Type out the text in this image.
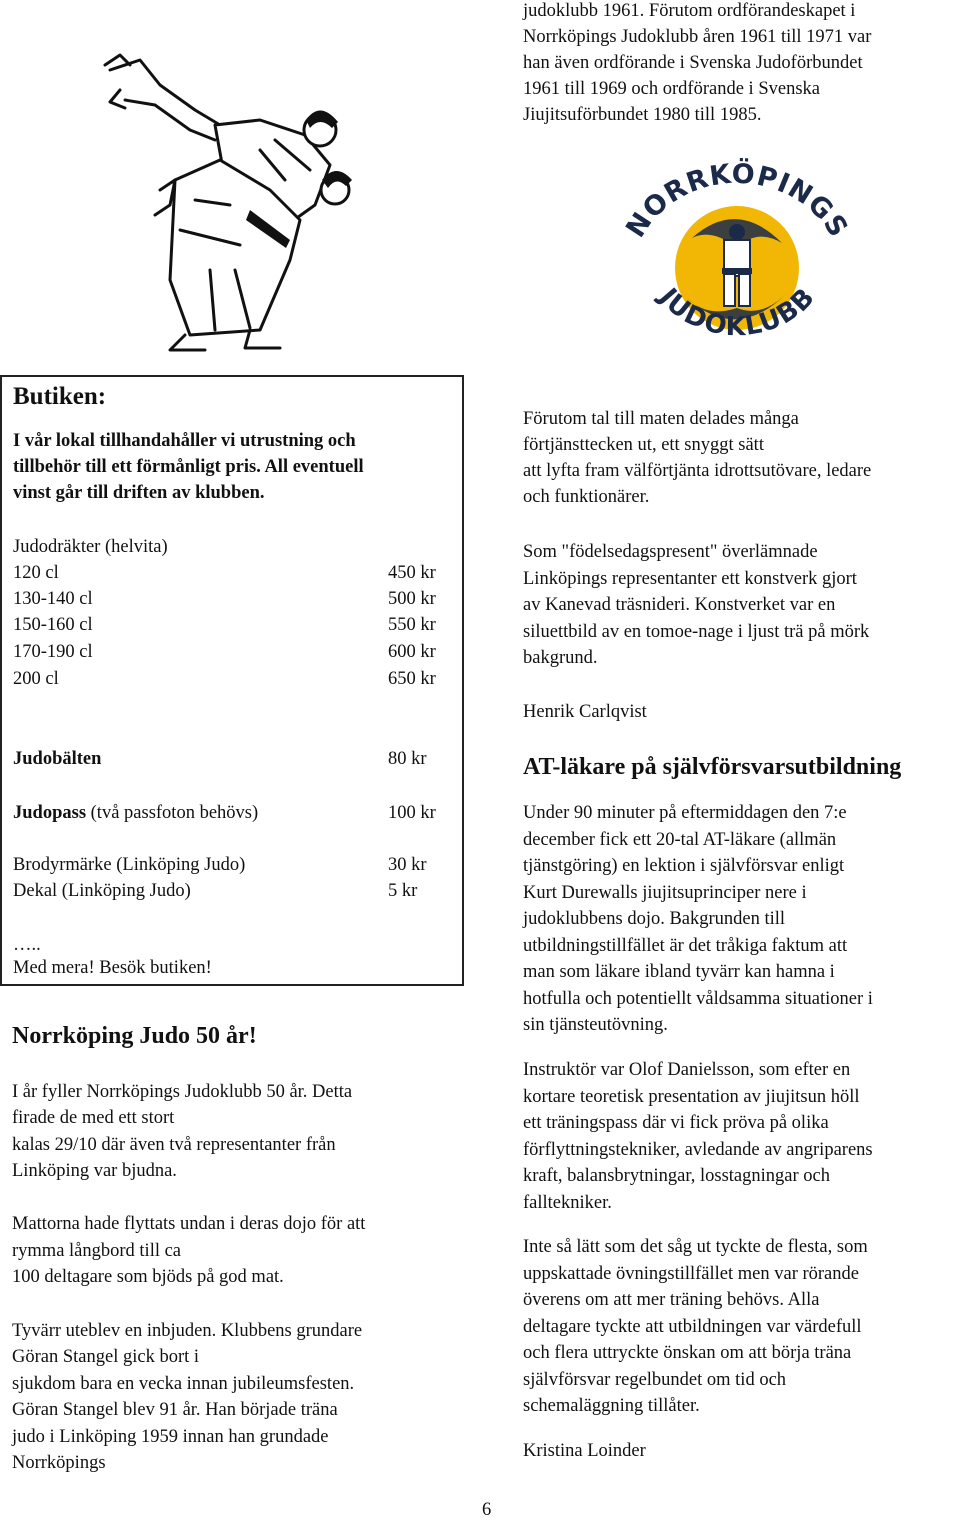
judoklubb 1961. Förutom ordförandeskapet i
Norrköpings Judoklubb åren 1961 till 1971 var
han även ordförande i Svenska Judoförbundet
1961 till 1969 och ordförande i Svenska
Jiujitsuförbundet 1980 till 1985.
NORRKÖPINGS
JUDOKLUBB
Butiken:
I vår lokal tillhandahåller vi utrustning och
tillbehör till ett förmånligt pris. All eventuell
vinst går till driften av klubben.
Judodräkter (helvita)
120 cl	450 kr
130-140 cl	500 kr
150-160 cl	550 kr
170-190 cl	600 kr
200 cl	650 kr
Judobälten	80 kr
Judopass (två passfoton behövs)	100 kr
Brodyrmärke (Linköping Judo)	30 kr
Dekal (Linköping Judo)	5 kr
…..
Med mera! Besök butiken!
Norrköping Judo 50 år!
I år fyller Norrköpings Judoklubb 50 år. Detta
firade de med ett stort
kalas 29/10 där även två representanter från
Linköping var bjudna.
Mattorna hade flyttats undan i deras dojo för att
rymma långbord till ca
100 deltagare som bjöds på god mat.
Tyvärr uteblev en inbjuden. Klubbens grundare
Göran Stangel gick bort i
sjukdom bara en vecka innan jubileumsfesten.
Göran Stangel blev 91 år. Han började träna
judo i Linköping 1959 innan han grundade
Norrköpings
Förutom tal till maten delades många
förtjänsttecken ut, ett snyggt sätt
att lyfta fram välförtjänta idrottsutövare, ledare
och funktionärer.
Som "födelsedagspresent" överlämnade
Linköpings representanter ett konstverk gjort
av Kanevad träsnideri. Konstverket var en
siluettbild av en tomoe-nage i ljust trä på mörk
bakgrund.
Henrik Carlqvist
AT-läkare på självförsvarsutbildning
Under 90 minuter på eftermiddagen den 7:e
december fick ett 20-tal AT-läkare (allmän
tjänstgöring) en lektion i självförsvar enligt
Kurt Durewalls jiujitsuprinciper nere i
judoklubbens dojo. Bakgrunden till
utbildningstillfället är det tråkiga faktum att
man som läkare ibland tyvärr kan hamna i
hotfulla och potentiellt våldsamma situationer i
sin tjänsteutövning.
Instruktör var Olof Danielsson, som efter en
kortare teoretisk presentation av jiujitsun höll
ett träningspass där vi fick pröva på olika
förflyttningstekniker, avledande av angriparens
kraft, balansbrytningar, losstagningar och
falltekniker.
Inte så lätt som det såg ut tyckte de flesta, som
uppskattade övningstillfället men var rörande
överens om att mer träning behövs. Alla
deltagare tyckte att utbildningen var värdefull
och flera uttryckte önskan om att börja träna
självförsvar regelbundet om tid och
schemaläggning tillåter.
Kristina Loinder
6
